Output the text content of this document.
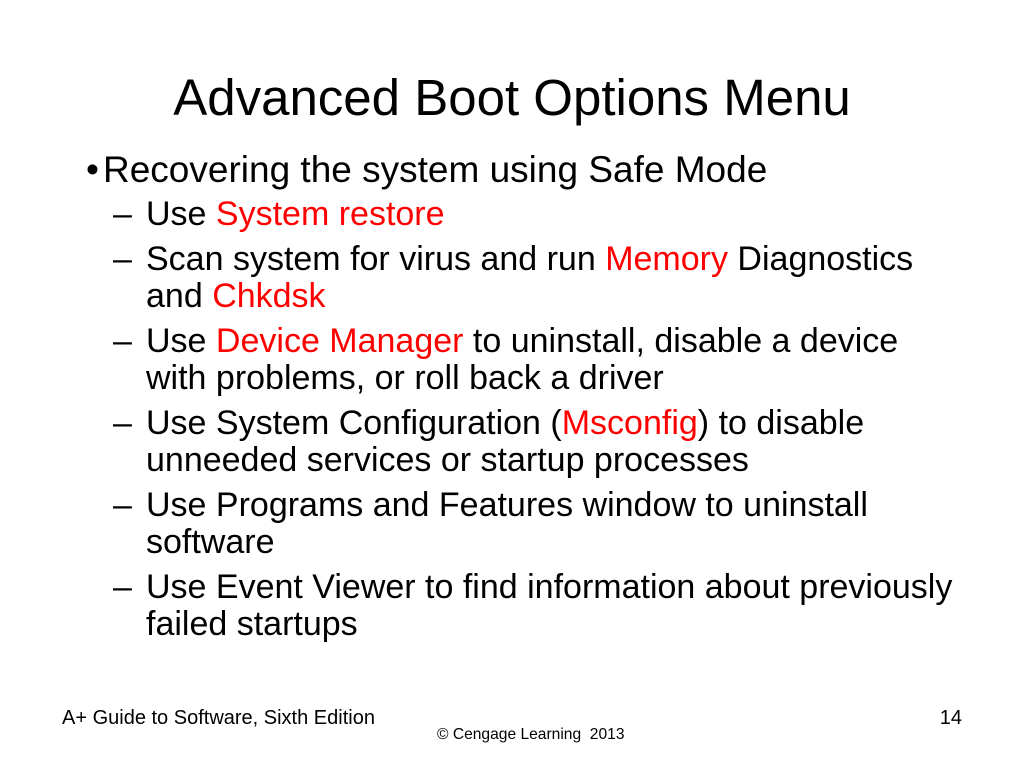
Advanced Boot Options Menu
• Recovering the system using Safe Mode
– Use System restore
– Scan system for virus and run Memory Diagnostics and Chkdsk
– Use Device Manager to uninstall, disable a device with problems, or roll back a driver
– Use System Configuration (Msconfig) to disable unneeded services or startup processes
– Use Programs and Features window to uninstall software
– Use Event Viewer to find information about previously failed startups
A+ Guide to Software, Sixth Edition	14
© Cengage Learning  2013
